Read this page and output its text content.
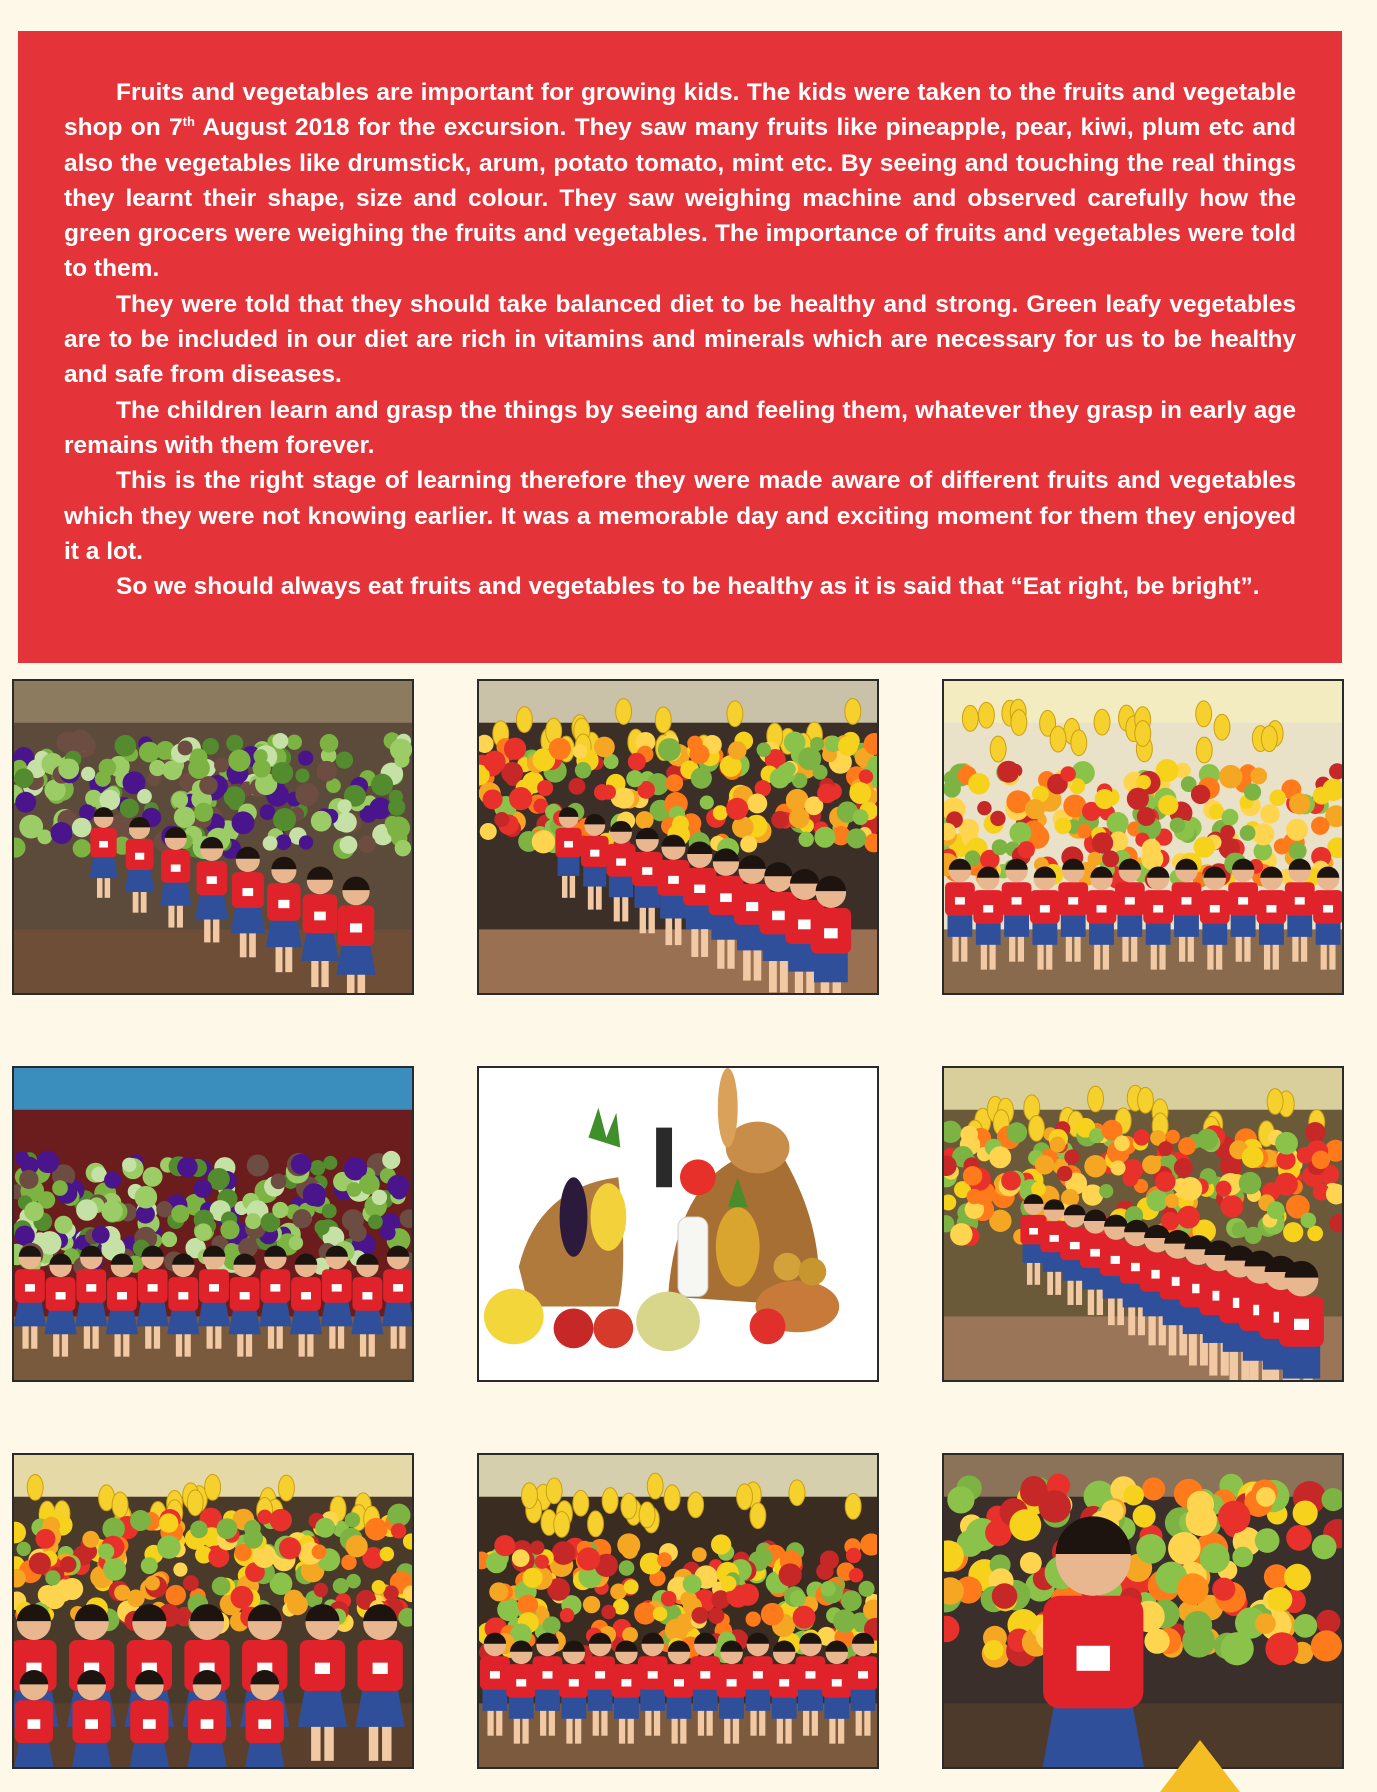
Fruits and vegetables are important for growing kids. The kids were taken to the fruits and vegetable shop on 7th August 2018 for the excursion. They saw many fruits like pineapple, pear, kiwi, plum etc and also the vegetables like drumstick, arum, potato tomato, mint etc. By seeing and touching the real things they learnt their shape, size and colour. They saw weighing machine and observed carefully how the green grocers were weighing the fruits and vegetables. The importance of fruits and vegetables were told to them.

They were told that they should take balanced diet to be healthy and strong. Green leafy vegetables are to be included in our diet are rich in vitamins and minerals which are necessary for us to be healthy and safe from diseases.

The children learn and grasp the things by seeing and feeling them, whatever they grasp in early age remains with them forever.

This is the right stage of learning therefore they were made aware of different fruits and vegetables which they were not knowing earlier. It was a memorable day and exciting moment for them they enjoyed it a lot.

So we should always eat fruits and vegetables to be healthy as it is said that “Eat right, be bright”.
